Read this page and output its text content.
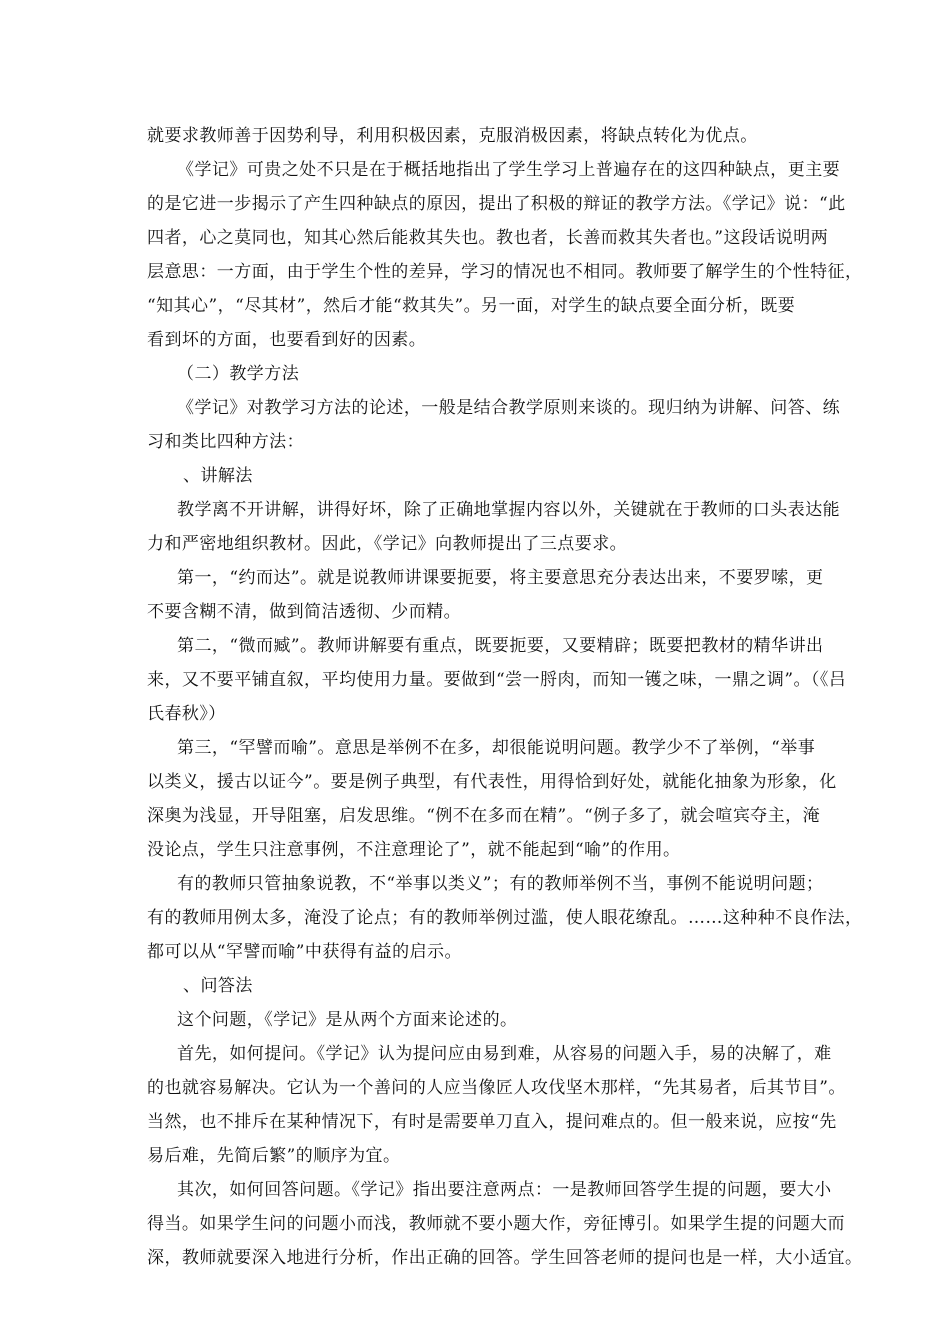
就要求教师善于因势利导，利用积极因素，克服消极因素，将缺点转化为优点。
《学记》可贵之处不只是在于概括地指出了学生学习上普遍存在的这四种缺点，更主要
的是它进一步揭示了产生四种缺点的原因，提出了积极的辩证的教学方法。《学记》说：“此
四者，心之莫同也，知其心然后能救其失也。教也者，长善而救其失者也。”这段话说明两
层意思：一方面，由于学生个性的差异，学习的情况也不相同。教师要了解学生的个性特征，
“知其心”，“尽其材”，然后才能“救其失”。另一面，对学生的缺点要全面分析，既要
看到坏的方面，也要看到好的因素。
（二）教学方法
《学记》对教学习方法的论述，一般是结合教学原则来谈的。现归纳为讲解、问答、练
习和类比四种方法：
、讲解法
教学离不开讲解，讲得好坏，除了正确地掌握内容以外，关键就在于教师的口头表达能
力和严密地组织教材。因此，《学记》向教师提出了三点要求。
第一，“约而达”。就是说教师讲课要扼要，将主要意思充分表达出来，不要罗嗦，更
不要含糊不清，做到简洁透彻、少而精。
第二，“微而臧”。教师讲解要有重点，既要扼要，又要精辟；既要把教材的精华讲出
来，又不要平铺直叙，平均使用力量。要做到“尝一脟肉，而知一镬之味，一鼎之调”。（《吕
氏春秋》）
第三，“罕譬而喻”。意思是举例不在多，却很能说明问题。教学少不了举例，“举事
以类义，援古以证今”。要是例子典型，有代表性，用得恰到好处，就能化抽象为形象，化
深奥为浅显，开导阻塞，启发思维。“例不在多而在精”。“例子多了，就会喧宾夺主，淹
没论点，学生只注意事例，不注意理论了”，就不能起到“喻”的作用。
有的教师只管抽象说教，不“举事以类义”；有的教师举例不当，事例不能说明问题；
有的教师用例太多，淹没了论点；有的教师举例过滥，使人眼花缭乱。……这种种不良作法，
都可以从“罕譬而喻”中获得有益的启示。
、问答法
这个问题，《学记》是从两个方面来论述的。
首先，如何提问。《学记》认为提问应由易到难，从容易的问题入手，易的决解了，难
的也就容易解决。它认为一个善问的人应当像匠人攻伐坚木那样，“先其易者，后其节目”。
当然，也不排斥在某种情况下，有时是需要单刀直入，提问难点的。但一般来说，应按“先
易后难，先简后繁”的顺序为宜。
其次，如何回答问题。《学记》指出要注意两点：一是教师回答学生提的问题，要大小
得当。如果学生问的问题小而浅，教师就不要小题大作，旁征博引。如果学生提的问题大而
深，教师就要深入地进行分析，作出正确的回答。学生回答老师的提问也是一样，大小适宜。
